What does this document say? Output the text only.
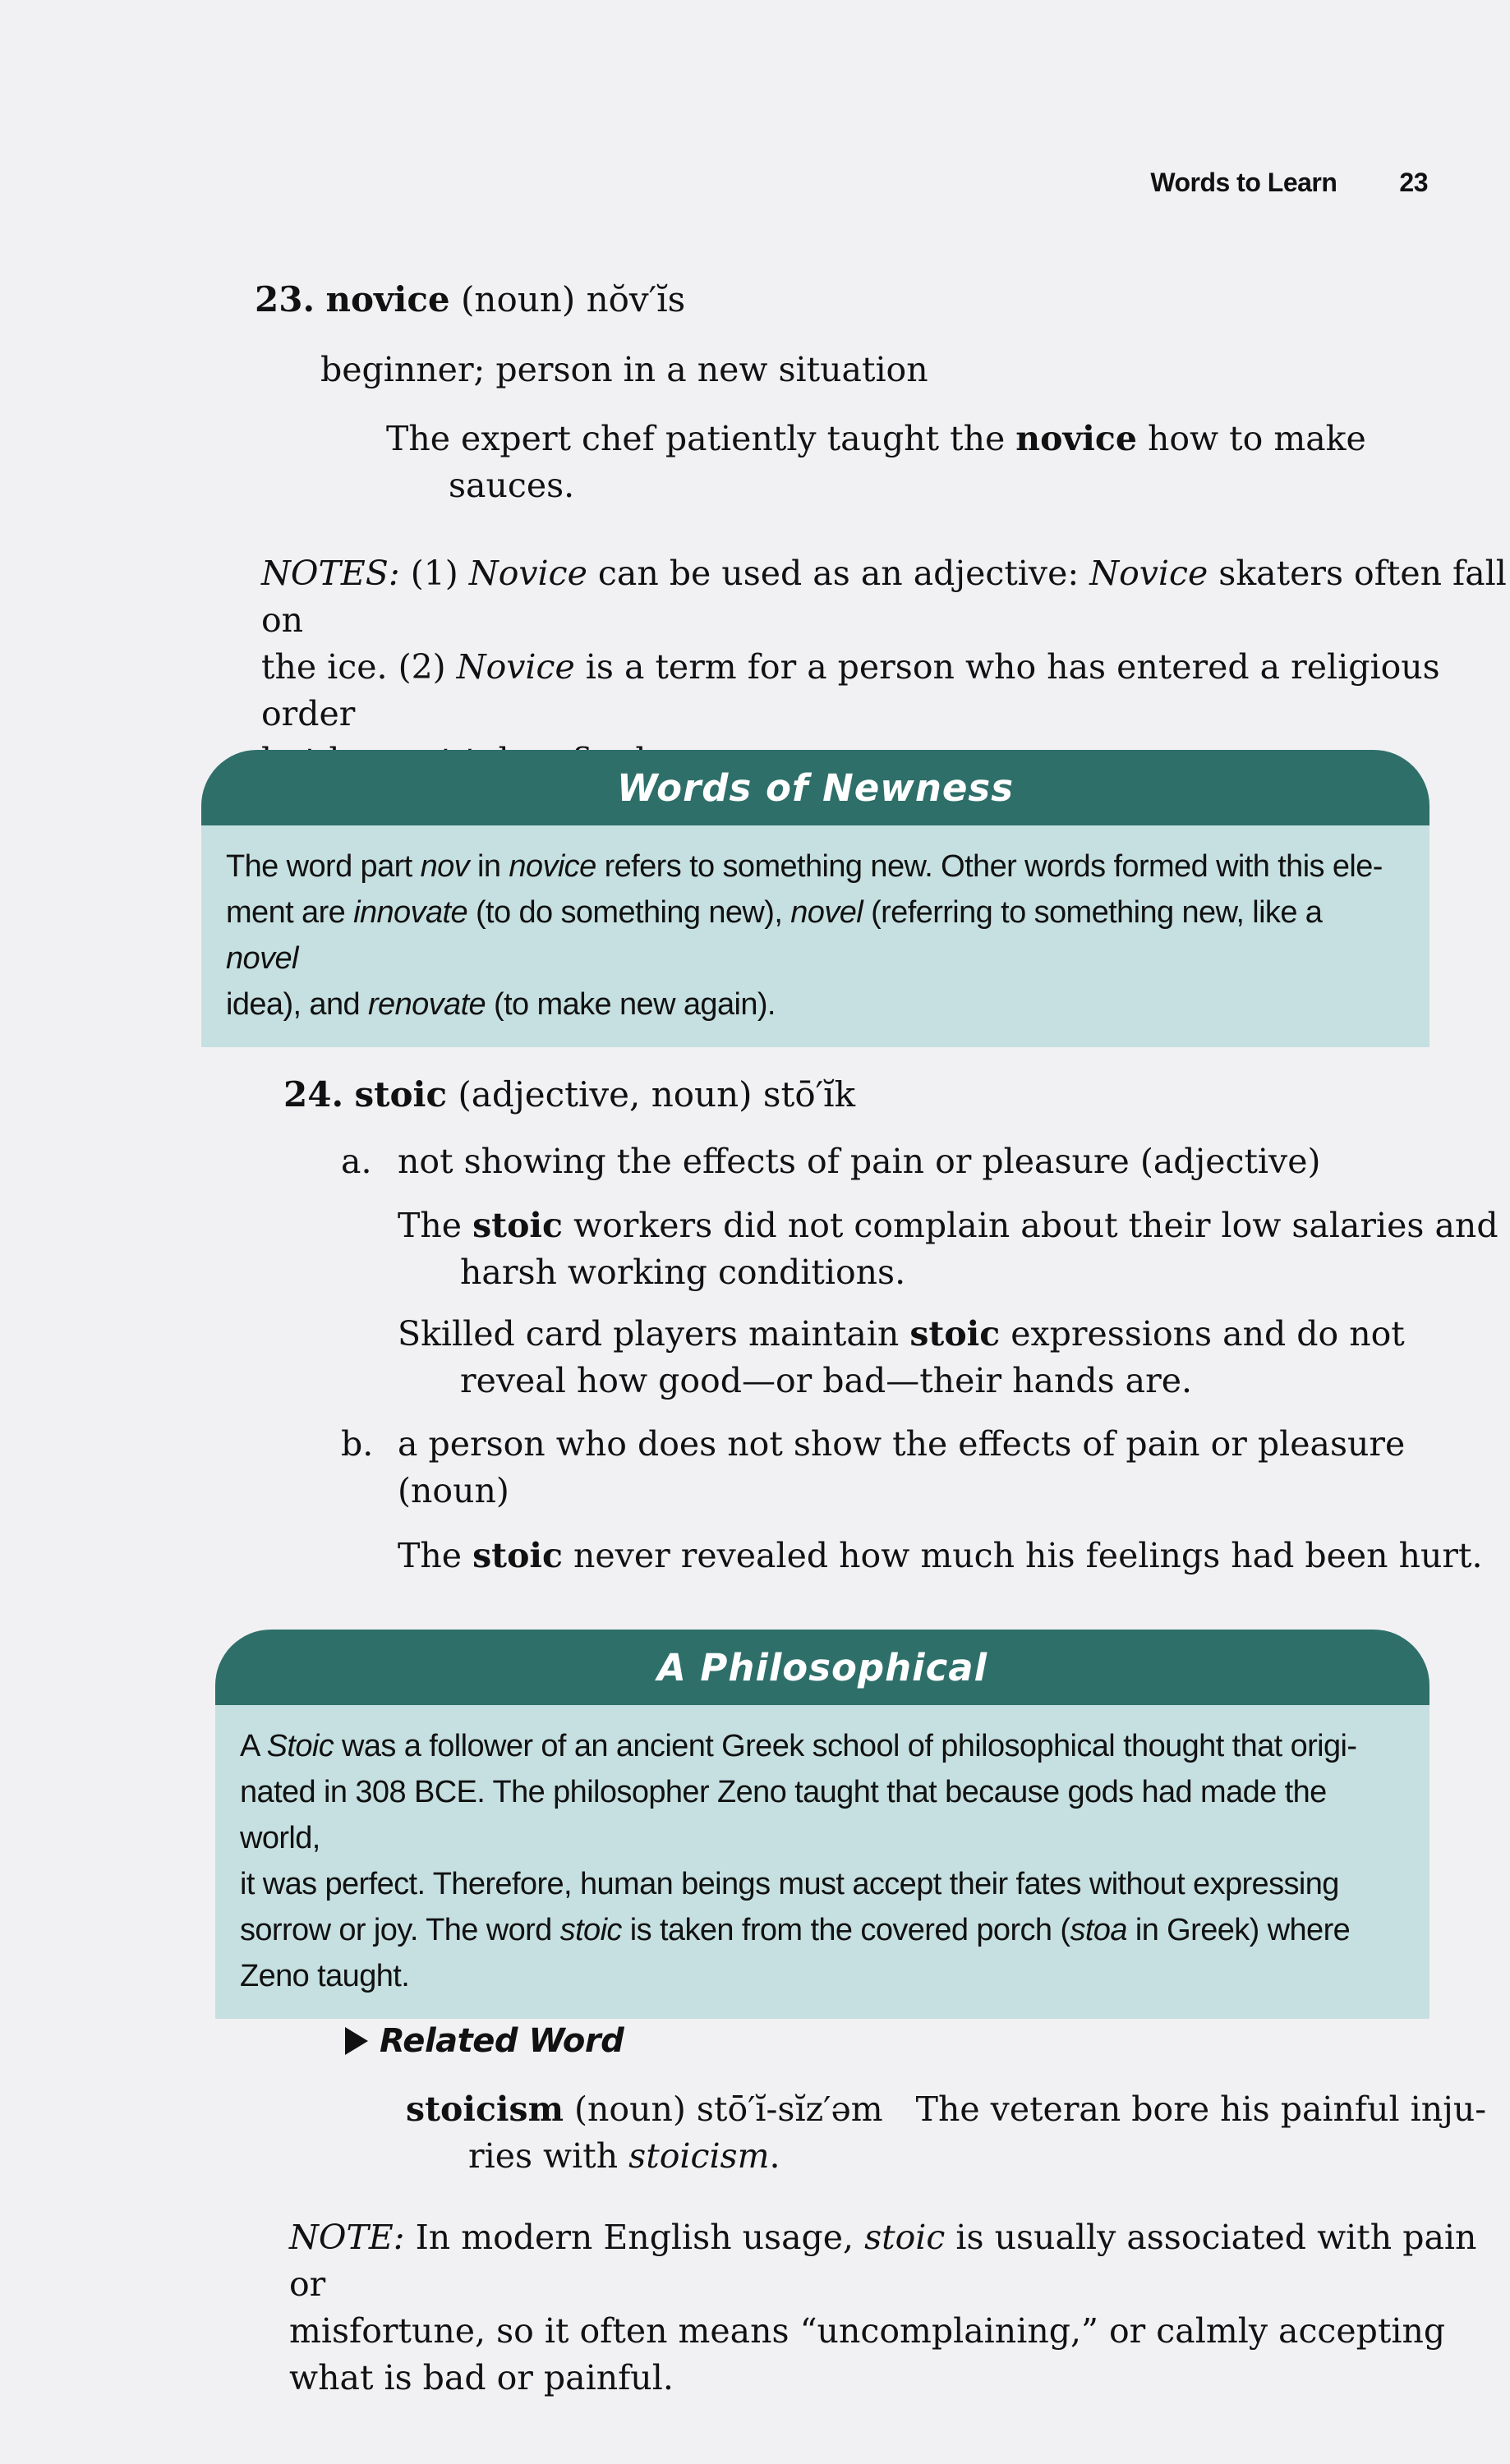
Words to Learn 23
23. novice (noun) nŏv′ĭs
beginner; person in a new situation
The expert chef patiently taught the novice how to make
sauces.
NOTES: (1) Novice can be used as an adjective: Novice skaters often fall on
the ice. (2) Novice is a term for a person who has entered a religious order
Words of Newness
The word part nov in novice refers to something new. Other words formed with this ele-
ment are innovate (to do something new), novel (referring to something new, like a novel
idea), and renovate (to make new again).
24. stoic (adjective, noun) stō′ĭk
a. not showing the effects of pain or pleasure (adjective)
The stoic workers did not complain about their low salaries and
harsh working conditions.
Skilled card players maintain stoic expressions and do not
reveal how good—or bad—their hands are.
b. a person who does not show the effects of pain or pleasure
(noun)
The stoic never revealed how much his feelings had been hurt.
A Philosophical
A Stoic was a follower of an ancient Greek school of philosophical thought that origi-
nated in 308 BCE. The philosopher Zeno taught that because gods had made the world,
it was perfect. Therefore, human beings must accept their fates without expressing
sorrow or joy. The word stoic is taken from the covered porch (stoa in Greek) where
Zeno taught.
Related Word
stoicism (noun) stō′ĭ-sĭz′əm The veteran bore his painful inju-
ries with stoicism.
NOTE: In modern English usage, stoic is usually associated with pain or
misfortune, so it often means “uncomplaining,” or calmly accepting
what is bad or painful.
